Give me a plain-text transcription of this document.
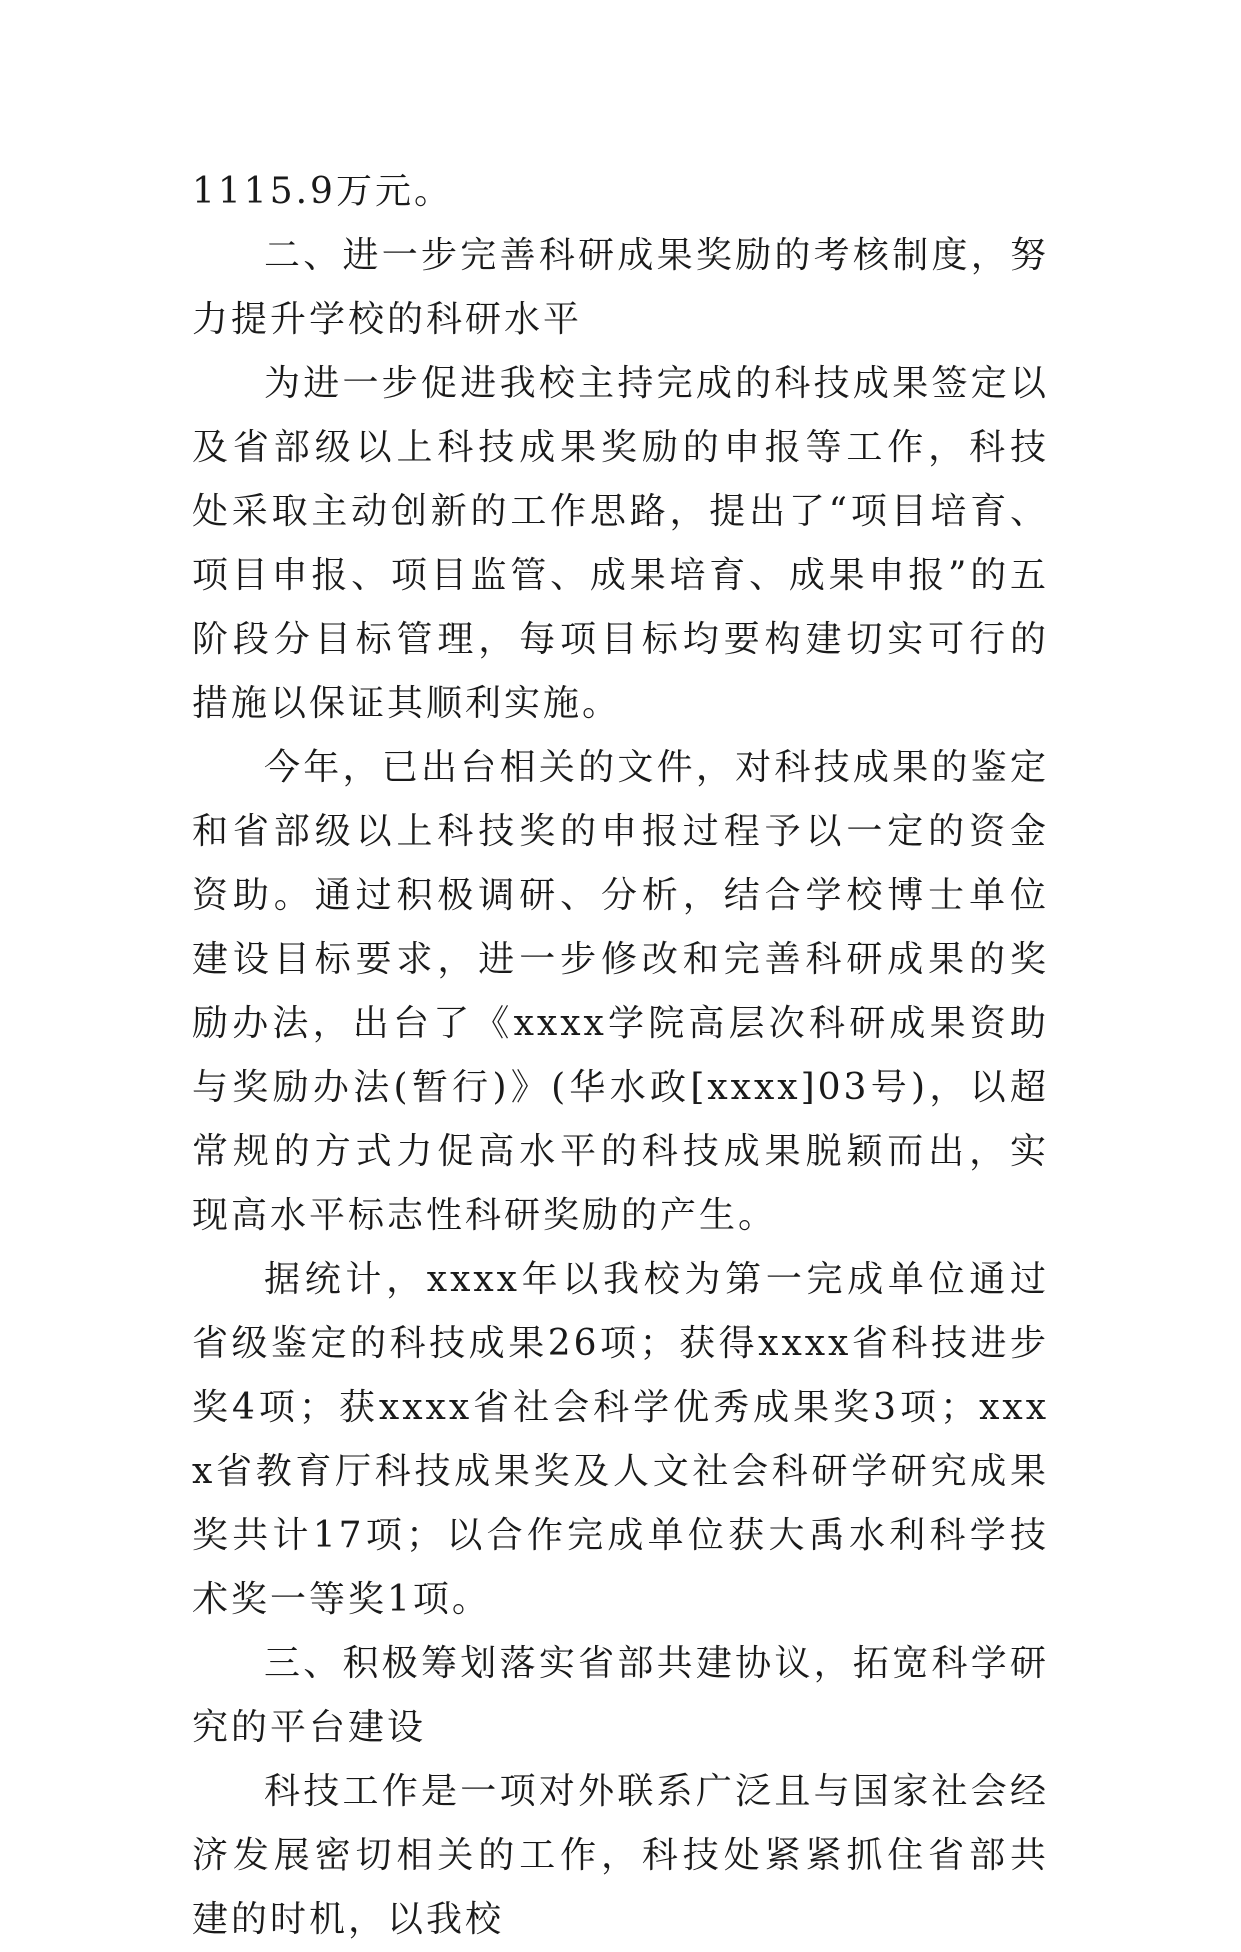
1115.9万元。

二、进一步完善科研成果奖励的考核制度，努力提升学校的科研水平

为进一步促进我校主持完成的科技成果签定以及省部级以上科技成果奖励的申报等工作，科技处采取主动创新的工作思路，提出了“项目培育、项目申报、项目监管、成果培育、成果申报”的五阶段分目标管理，每项目标均要构建切实可行的措施以保证其顺利实施。

今年，已出台相关的文件，对科技成果的鉴定和省部级以上科技奖的申报过程予以一定的资金资助。通过积极调研、分析，结合学校博士单位建设目标要求，进一步修改和完善科研成果的奖励办法，出台了《xxxx学院高层次科研成果资助与奖励办法(暂行)》(华水政[xxxx]03号)，以超常规的方式力促高水平的科技成果脱颖而出，实现高水平标志性科研奖励的产生。

据统计，xxxx年以我校为第一完成单位通过省级鉴定的科技成果26项；获得xxxx省科技进步奖4项；获xxxx省社会科学优秀成果奖3项；xxxx省教育厅科技成果奖及人文社会科研学研究成果奖共计17项；以合作完成单位获大禹水利科学技术奖一等奖1项。

三、积极筹划落实省部共建协议，拓宽科学研究的平台建设

科技工作是一项对外联系广泛且与国家社会经济发展密切相关的工作，科技处紧紧抓住省部共建的时机，以我校
